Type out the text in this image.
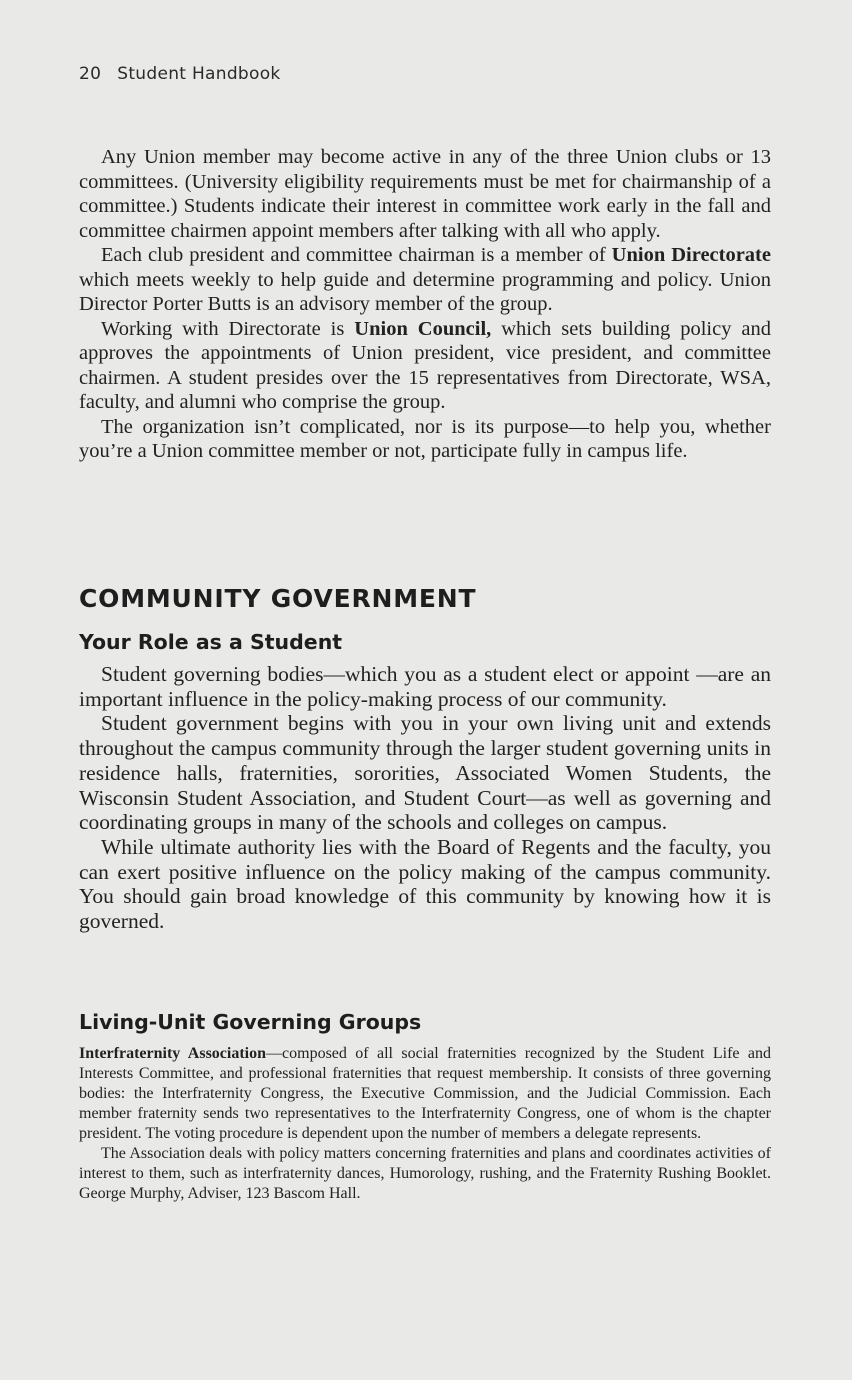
20 Student Handbook

Any Union member may become active in any of the three Union clubs or 13 committees. (University eligibility requirements must be met for chairmanship of a committee.) Students indicate their interest in committee work early in the fall and committee chairmen appoint members after talking with all who apply.

Each club president and committee chairman is a member of Union Directorate which meets weekly to help guide and determine programming and policy. Union Director Porter Butts is an advisory member of the group.

Working with Directorate is Union Council, which sets building policy and approves the appointments of Union president, vice president, and committee chairmen. A student presides over the 15 representatives from Directorate, WSA, faculty, and alumni who comprise the group.

The organization isn’t complicated, nor is its purpose—to help you, whether you’re a Union committee member or not, participate fully in campus life.

COMMUNITY GOVERNMENT
Your Role as a Student

Student governing bodies—which you as a student elect or appoint —are an important influence in the policy-making process of our community.

Student government begins with you in your own living unit and extends throughout the campus community through the larger student governing units in residence halls, fraternities, sororities, Associated Women Students, the Wisconsin Student Association, and Student Court—as well as governing and coordinating groups in many of the schools and colleges on campus.

While ultimate authority lies with the Board of Regents and the faculty, you can exert positive influence on the policy making of the campus community. You should gain broad knowledge of this community by knowing how it is governed.

Living-Unit Governing Groups

Interfraternity Association—composed of all social fraternities recognized by the Student Life and Interests Committee, and professional fraternities that request membership. It consists of three governing bodies: the Interfraternity Congress, the Executive Commission, and the Judicial Commission. Each member fraternity sends two representatives to the Interfraternity Congress, one of whom is the chapter president. The voting procedure is dependent upon the number of members a delegate represents.

The Association deals with policy matters concerning fraternities and plans and coordinates activities of interest to them, such as interfraternity dances, Humorology, rushing, and the Fraternity Rushing Booklet. George Murphy, Adviser, 123 Bascom Hall.
